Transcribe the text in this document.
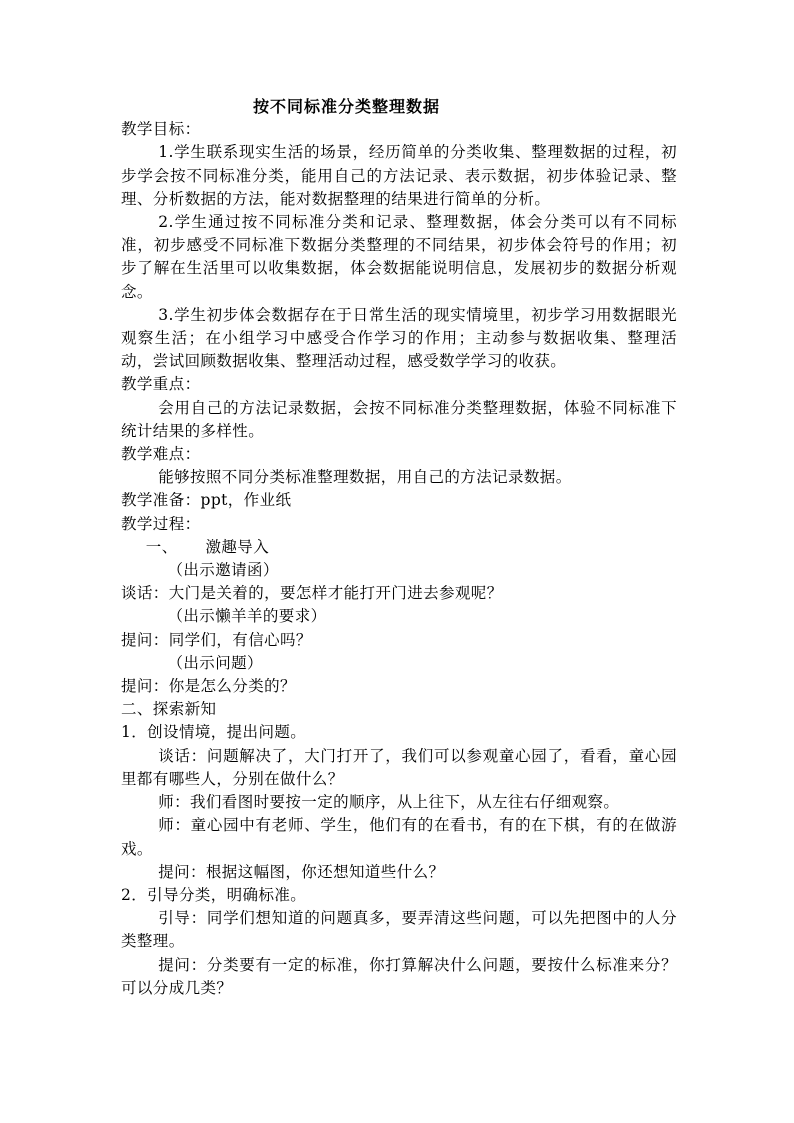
按不同标准分类整理数据

教学目标：

1.学生联系现实生活的场景，经历简单的分类收集、整理数据的过程，初步学会按不同标准分类，能用自己的方法记录、表示数据，初步体验记录、整理、分析数据的方法，能对数据整理的结果进行简单的分析。

2.学生通过按不同标准分类和记录、整理数据，体会分类可以有不同标准，初步感受不同标准下数据分类整理的不同结果，初步体会符号的作用；初步了解在生活里可以收集数据，体会数据能说明信息，发展初步的数据分析观念。

3.学生初步体会数据存在于日常生活的现实情境里，初步学习用数据眼光观察生活；在小组学习中感受合作学习的作用；主动参与数据收集、整理活动，尝试回顾数据收集、整理活动过程，感受数学学习的收获。

教学重点：

会用自己的方法记录数据，会按不同标准分类整理数据，体验不同标准下统计结果的多样性。

教学难点：

能够按照不同分类标准整理数据，用自己的方法记录数据。

教学准备：ppt，作业纸

教学过程：

一、 激趣导入

（出示邀请函）

谈话：大门是关着的，要怎样才能打开门进去参观呢？

（出示懒羊羊的要求）

提问：同学们，有信心吗？

（出示问题）

提问：你是怎么分类的？

二、探索新知

1．创设情境，提出问题。

谈话：问题解决了，大门打开了，我们可以参观童心园了，看看，童心园里都有哪些人，分别在做什么？

师：我们看图时要按一定的顺序，从上往下，从左往右仔细观察。

师：童心园中有老师、学生，他们有的在看书，有的在下棋，有的在做游戏。

提问：根据这幅图，你还想知道些什么？

2．引导分类，明确标准。

引导：同学们想知道的问题真多，要弄清这些问题，可以先把图中的人分类整理。

提问：分类要有一定的标准，你打算解决什么问题，要按什么标准来分？可以分成几类？
